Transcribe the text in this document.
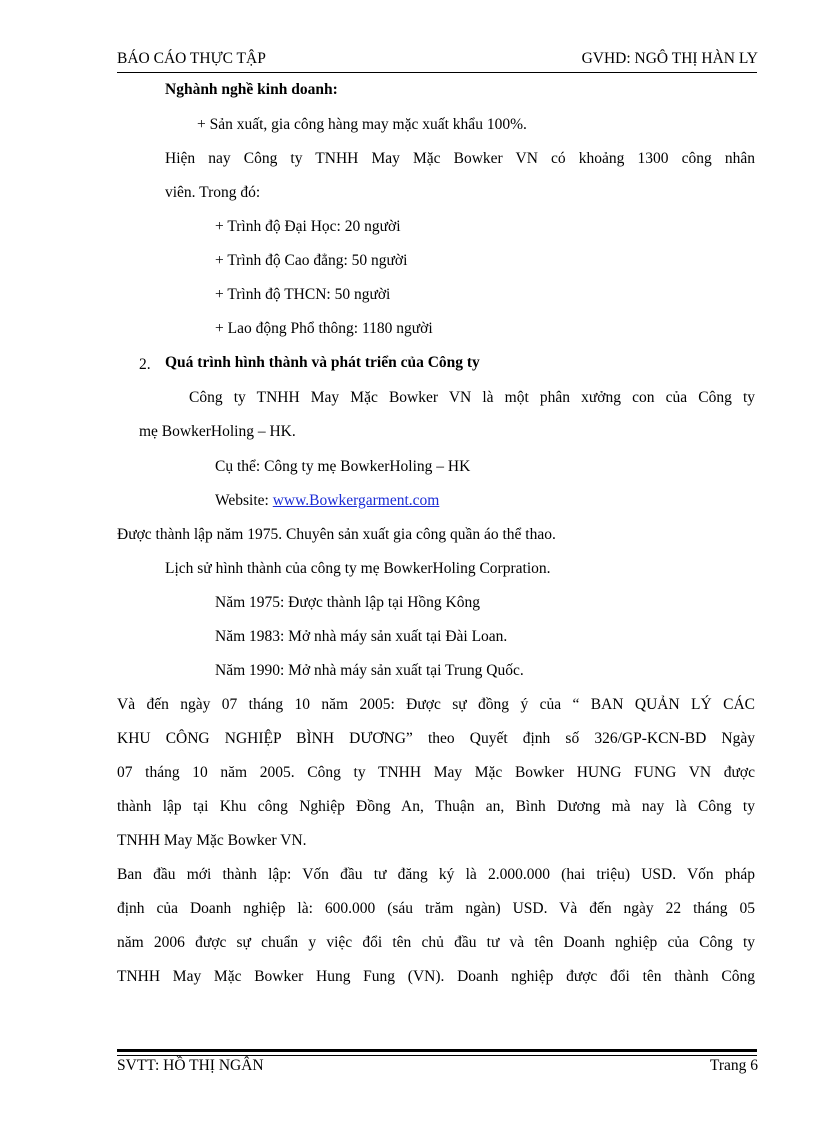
BÁO CÁO THỰC TẬP	GVHD: NGÔ THỊ HÀN LY
Nghành nghề kinh doanh:
+ Sản xuất, gia công hàng may mặc xuất khẩu 100%.
Hiện nay Công ty TNHH May Mặc Bowker VN có khoảng 1300 công nhân
viên. Trong đó:
+ Trình độ Đại Học: 20 người
+ Trình độ Cao đẳng: 50 người
+ Trình độ THCN: 50 người
+ Lao động Phổ thông: 1180 người
2. Quá trình hình thành và phát triển của Công ty
Công ty TNHH May Mặc Bowker VN là một phân xưởng con của Công ty
mẹ BowkerHoling – HK.
Cụ thể: Công ty mẹ BowkerHoling – HK
Website: www.Bowkergarment.com
Được thành lập năm 1975. Chuyên sản xuất gia công quần áo thể thao.
Lịch sử hình thành của công ty mẹ BowkerHoling Corpration.
Năm 1975: Được thành lập tại Hồng Kông
Năm 1983: Mở nhà máy sản xuất tại Đài Loan.
Năm 1990: Mở nhà máy sản xuất tại Trung Quốc.
Và đến ngày 07 tháng 10 năm 2005: Được sự đồng ý của “ BAN QUẢN LÝ CÁC
KHU CÔNG NGHIỆP BÌNH DƯƠNG” theo Quyết định số 326/GP-KCN-BD Ngày
07 tháng 10 năm 2005. Công ty TNHH May Mặc Bowker HUNG FUNG VN được
thành lập tại Khu công Nghiệp Đồng An, Thuận an, Bình Dương mà nay là Công ty
TNHH May Mặc Bowker VN.
Ban đầu mới thành lập: Vốn đầu tư đăng ký là 2.000.000 (hai triệu) USD. Vốn pháp
định của Doanh nghiệp là: 600.000 (sáu trăm ngàn) USD. Và đến ngày 22 tháng 05
năm 2006 được sự chuẩn y việc đổi tên chủ đầu tư và tên Doanh nghiệp của Công ty
TNHH May Mặc Bowker Hung Fung (VN). Doanh nghiệp được đổi tên thành Công
SVTT: HỒ THỊ NGÂN	Trang 6
